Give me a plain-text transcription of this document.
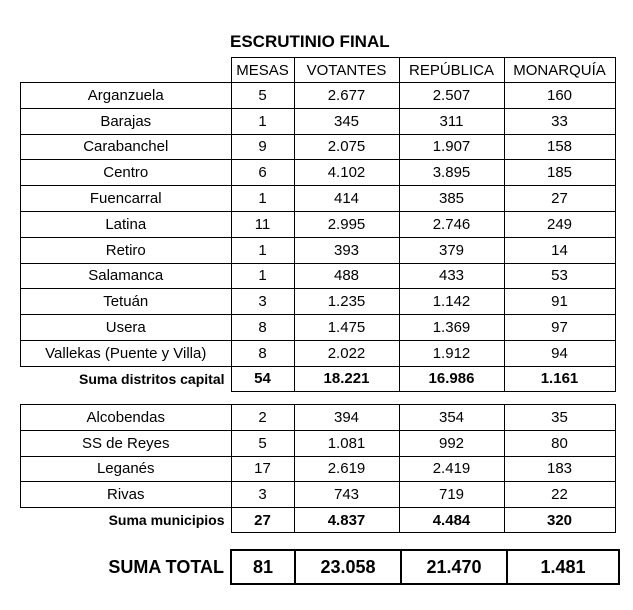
ESCRUTINIO FINAL
	MESAS	VOTANTES	REPÚBLICA	MONARQUÍA
Arganzuela	5	2.677	2.507	160
Barajas	1	345	311	33
Carabanchel	9	2.075	1.907	158
Centro	6	4.102	3.895	185
Fuencarral	1	414	385	27
Latina	11	2.995	2.746	249
Retiro	1	393	379	14
Salamanca	1	488	433	53
Tetuán	3	1.235	1.142	91
Usera	8	1.475	1.369	97
Vallekas (Puente y Villa)	8	2.022	1.912	94
Suma distritos capital	54	18.221	16.986	1.161
Alcobendas	2	394	354	35
SS de Reyes	5	1.081	992	80
Leganés	17	2.619	2.419	183
Rivas	3	743	719	22
Suma municipios	27	4.837	4.484	320
SUMA TOTAL	81	23.058	21.470	1.481
